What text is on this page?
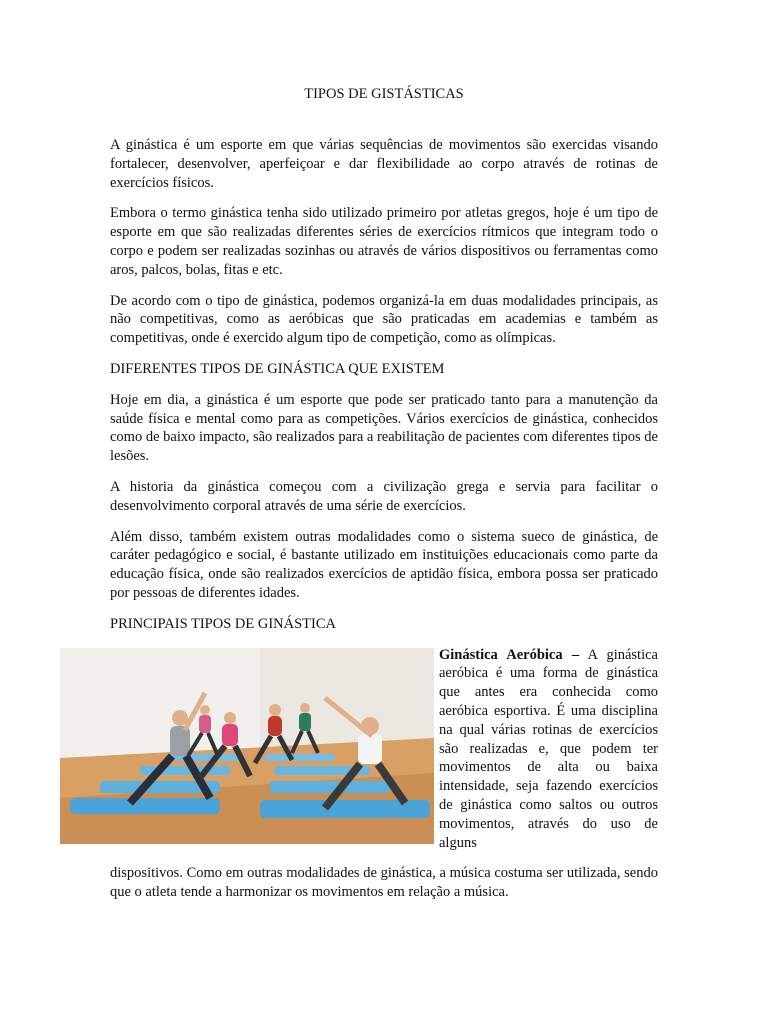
TIPOS DE GISTÁSTICAS

A ginástica é um esporte em que várias sequências de movimentos são exercidas visando fortalecer, desenvolver, aperfeiçoar e dar flexibilidade ao corpo através de rotinas de exercícios físicos.

Embora o termo ginástica tenha sido utilizado primeiro por atletas gregos, hoje é um tipo de esporte em que são realizadas diferentes séries de exercícios rítmicos que integram todo o corpo e podem ser realizadas sozinhas ou através de vários dispositivos ou ferramentas como aros, palcos, bolas, fitas e etc.

De acordo com o tipo de ginástica, podemos organizá-la em duas modalidades principais, as não competitivas, como as aeróbicas que são praticadas em academias e também as competitivas, onde é exercido algum tipo de competição, como as olímpicas.

DIFERENTES TIPOS DE GINÁSTICA QUE EXISTEM

Hoje em dia, a ginástica é um esporte que pode ser praticado tanto para a manutenção da saúde física e mental como para as competições. Vários exercícios de ginástica, conhecidos como de baixo impacto, são realizados para a reabilitação de pacientes com diferentes tipos de lesões.

A historia da ginástica começou com a civilização grega e servia para facilitar o desenvolvimento corporal através de uma série de exercícios.

Além disso, também existem outras modalidades como o sistema sueco de ginástica, de caráter pedagógico e social, é bastante utilizado em instituições educacionais como parte da educação física, onde são realizados exercícios de aptidão física, embora possa ser praticado por pessoas de diferentes idades.

PRINCIPAIS TIPOS DE GINÁSTICA

Ginástica Aeróbica – A ginástica aeróbica é uma forma de ginástica que antes era conhecida como aeróbica esportiva. É uma disciplina na qual várias rotinas de exercícios são realizadas e, que podem ter movimentos de alta ou baixa intensidade, seja fazendo exercícios de ginástica como saltos ou outros movimentos, através do uso de alguns

dispositivos. Como em outras modalidades de ginástica, a música costuma ser utilizada, sendo que o atleta tende a harmonizar os movimentos em relação a música.
